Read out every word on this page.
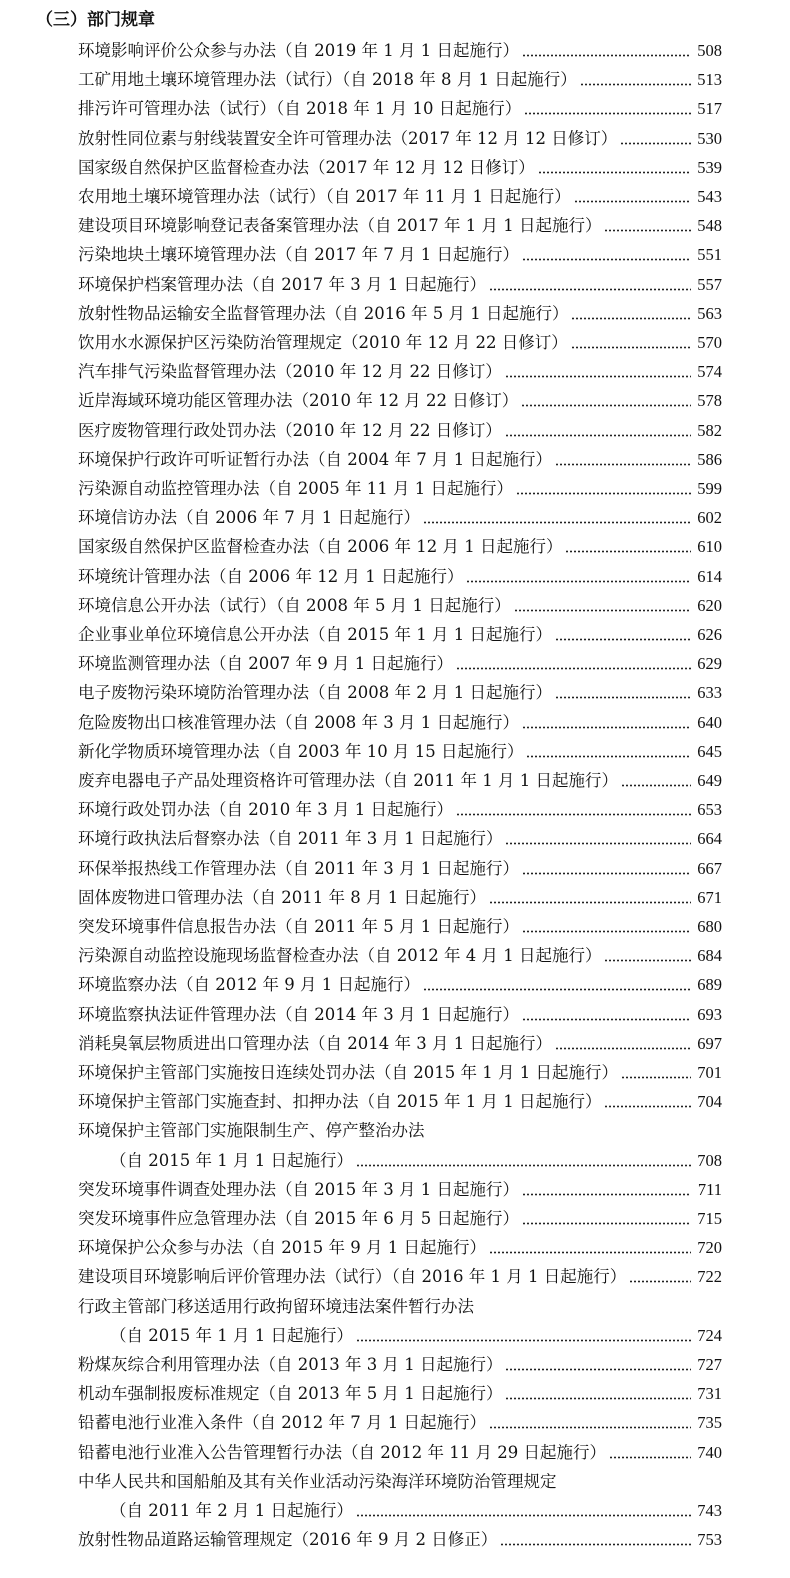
（三）部门规章
环境影响评价公众参与办法（自 2019 年 1 月 1 日起施行）	508
工矿用地土壤环境管理办法（试行）（自 2018 年 8 月 1 日起施行）	513
排污许可管理办法（试行）（自 2018 年 1 月 10 日起施行）	517
放射性同位素与射线装置安全许可管理办法（2017 年 12 月 12 日修订）	530
国家级自然保护区监督检查办法（2017 年 12 月 12 日修订）	539
农用地土壤环境管理办法（试行）（自 2017 年 11 月 1 日起施行）	543
建设项目环境影响登记表备案管理办法（自 2017 年 1 月 1 日起施行）	548
污染地块土壤环境管理办法（自 2017 年 7 月 1 日起施行）	551
环境保护档案管理办法（自 2017 年 3 月 1 日起施行）	557
放射性物品运输安全监督管理办法（自 2016 年 5 月 1 日起施行）	563
饮用水水源保护区污染防治管理规定（2010 年 12 月 22 日修订）	570
汽车排气污染监督管理办法（2010 年 12 月 22 日修订）	574
近岸海域环境功能区管理办法（2010 年 12 月 22 日修订）	578
医疗废物管理行政处罚办法（2010 年 12 月 22 日修订）	582
环境保护行政许可听证暂行办法（自 2004 年 7 月 1 日起施行）	586
污染源自动监控管理办法（自 2005 年 11 月 1 日起施行）	599
环境信访办法（自 2006 年 7 月 1 日起施行）	602
国家级自然保护区监督检查办法（自 2006 年 12 月 1 日起施行）	610
环境统计管理办法（自 2006 年 12 月 1 日起施行）	614
环境信息公开办法（试行）（自 2008 年 5 月 1 日起施行）	620
企业事业单位环境信息公开办法（自 2015 年 1 月 1 日起施行）	626
环境监测管理办法（自 2007 年 9 月 1 日起施行）	629
电子废物污染环境防治管理办法（自 2008 年 2 月 1 日起施行）	633
危险废物出口核准管理办法（自 2008 年 3 月 1 日起施行）	640
新化学物质环境管理办法（自 2003 年 10 月 15 日起施行）	645
废弃电器电子产品处理资格许可管理办法（自 2011 年 1 月 1 日起施行）	649
环境行政处罚办法（自 2010 年 3 月 1 日起施行）	653
环境行政执法后督察办法（自 2011 年 3 月 1 日起施行）	664
环保举报热线工作管理办法（自 2011 年 3 月 1 日起施行）	667
固体废物进口管理办法（自 2011 年 8 月 1 日起施行）	671
突发环境事件信息报告办法（自 2011 年 5 月 1 日起施行）	680
污染源自动监控设施现场监督检查办法（自 2012 年 4 月 1 日起施行）	684
环境监察办法（自 2012 年 9 月 1 日起施行）	689
环境监察执法证件管理办法（自 2014 年 3 月 1 日起施行）	693
消耗臭氧层物质进出口管理办法（自 2014 年 3 月 1 日起施行）	697
环境保护主管部门实施按日连续处罚办法（自 2015 年 1 月 1 日起施行）	701
环境保护主管部门实施查封、扣押办法（自 2015 年 1 月 1 日起施行）	704
环境保护主管部门实施限制生产、停产整治办法
（自 2015 年 1 月 1 日起施行）	708
突发环境事件调查处理办法（自 2015 年 3 月 1 日起施行）	711
突发环境事件应急管理办法（自 2015 年 6 月 5 日起施行）	715
环境保护公众参与办法（自 2015 年 9 月 1 日起施行）	720
建设项目环境影响后评价管理办法（试行）（自 2016 年 1 月 1 日起施行）	722
行政主管部门移送适用行政拘留环境违法案件暂行办法
（自 2015 年 1 月 1 日起施行）	724
粉煤灰综合利用管理办法（自 2013 年 3 月 1 日起施行）	727
机动车强制报废标准规定（自 2013 年 5 月 1 日起施行）	731
铅蓄电池行业准入条件（自 2012 年 7 月 1 日起施行）	735
铅蓄电池行业准入公告管理暂行办法（自 2012 年 11 月 29 日起施行）	740
中华人民共和国船舶及其有关作业活动污染海洋环境防治管理规定
（自 2011 年 2 月 1 日起施行）	743
放射性物品道路运输管理规定（2016 年 9 月 2 日修正）	753
